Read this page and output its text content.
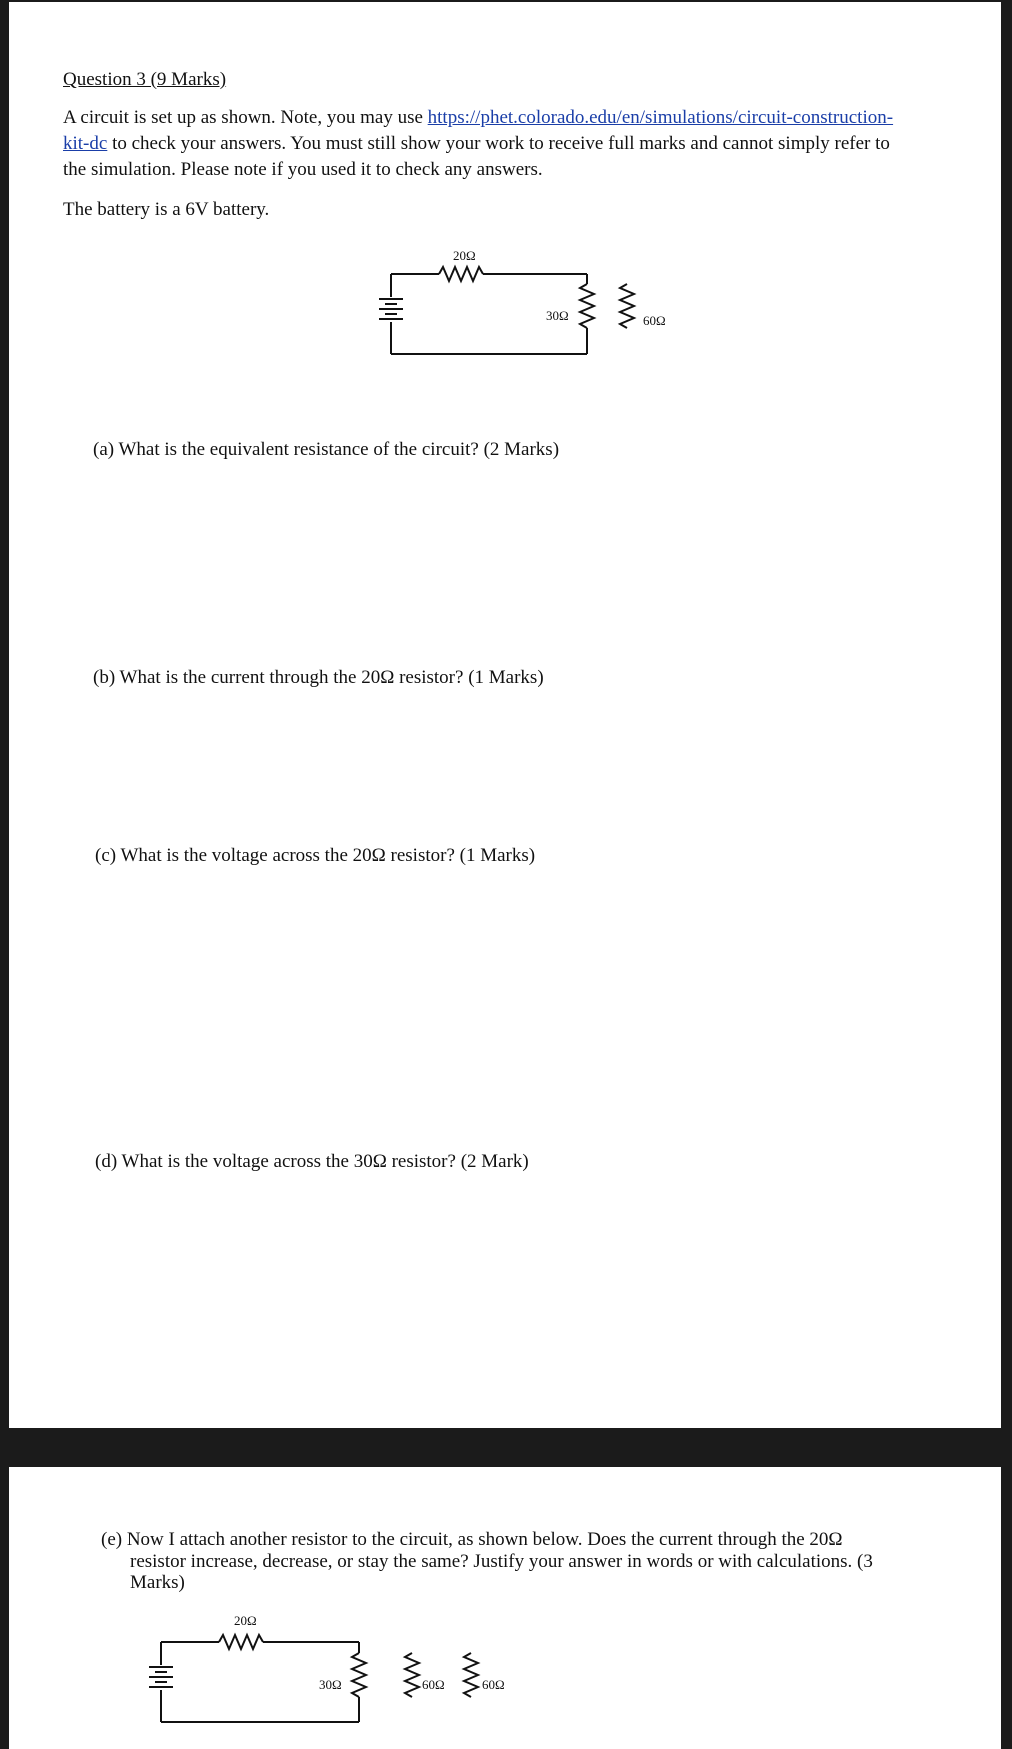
Question 3 (9 Marks)
A circuit is set up as shown. Note, you may use https://phet.colorado.edu/en/simulations/circuit-construction-
kit-dc to check your answers. You must still show your work to receive full marks and cannot simply refer to
the simulation. Please note if you used it to check any answers.
The battery is a 6V battery.
20Ω
30Ω	60Ω
(a) What is the equivalent resistance of the circuit? (2 Marks)
(b) What is the current through the 20Ω resistor? (1 Marks)
(c) What is the voltage across the 20Ω resistor? (1 Marks)
(d) What is the voltage across the 30Ω resistor? (2 Mark)
(e) Now I attach another resistor to the circuit, as shown below. Does the current through the 20Ω
resistor increase, decrease, or stay the same? Justify your answer in words or with calculations. (3
Marks)
20Ω
30Ω	60Ω	60Ω
